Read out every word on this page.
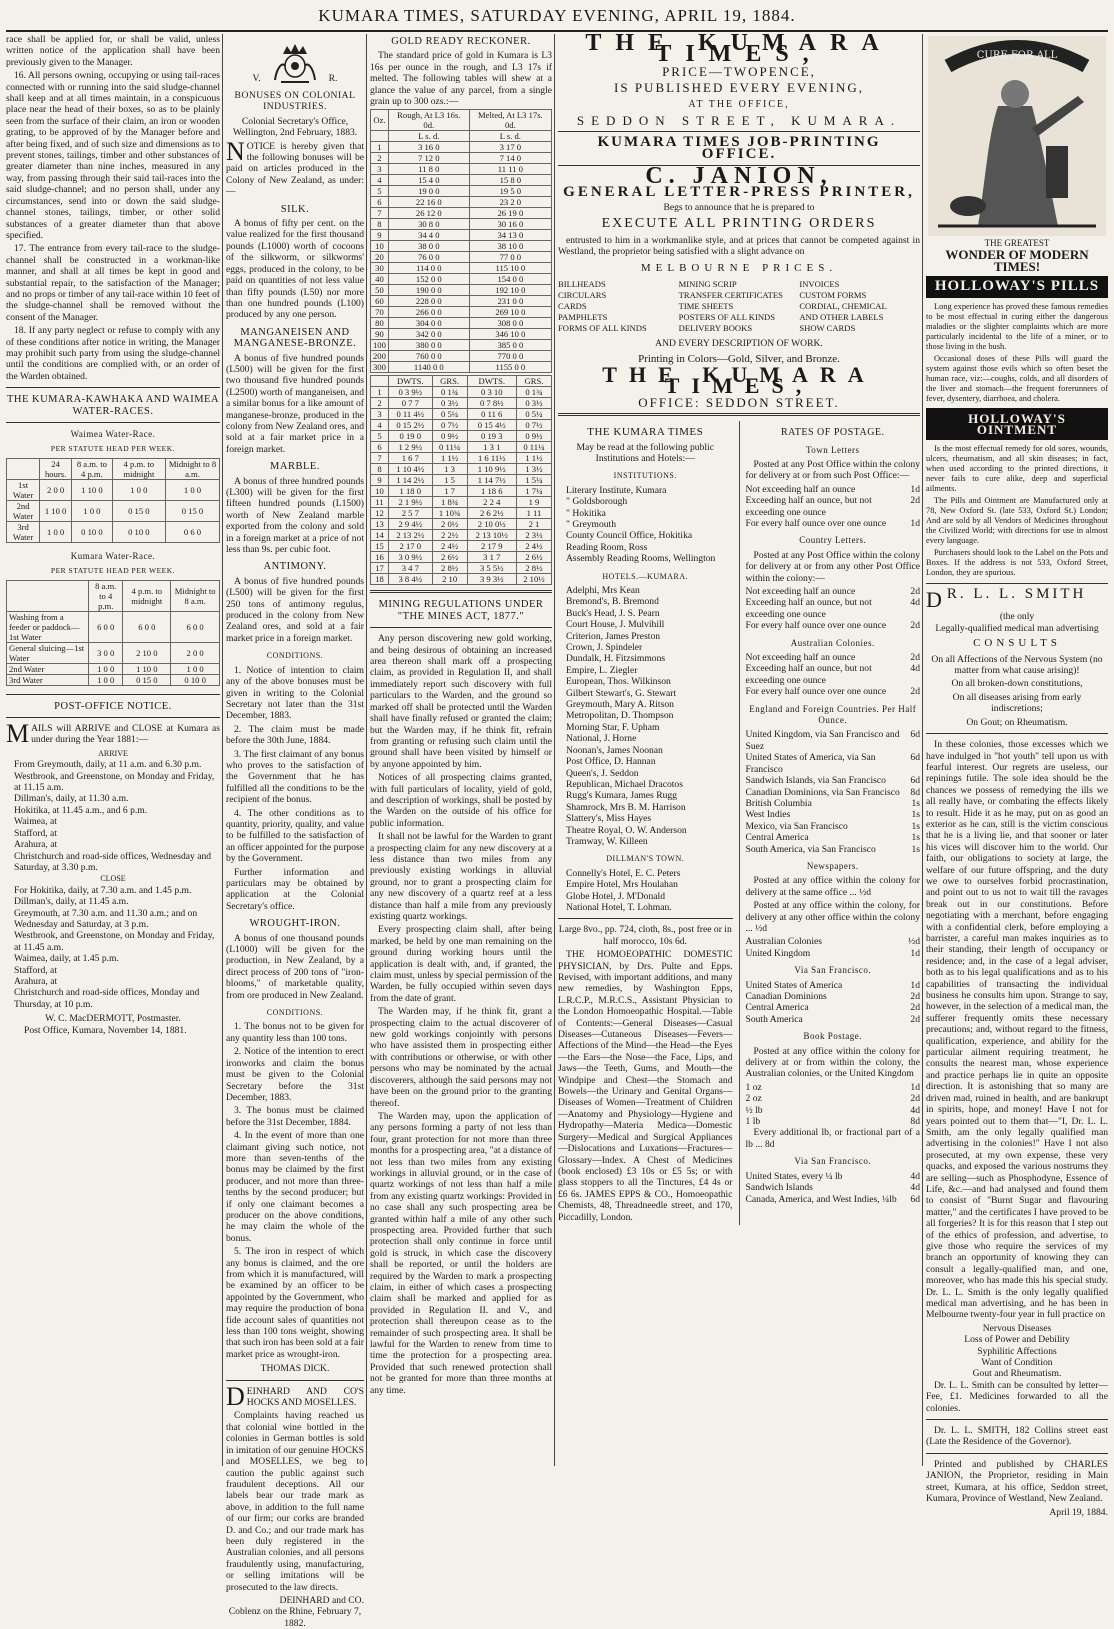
KUMARA TIMES, SATURDAY EVENING, APRIL 19, 1884.

race shall be applied for, or shall be valid, unless written notice of the application shall have been previously given to the Manager.

16. All persons owning, occupying or using tail-races connected with or running into the said sludge-channel shall keep and at all times maintain, in a conspicuous place near the head of their boxes, so as to be plainly seen from the surface of their claim, an iron or wooden grating, to be approved of by the Manager before and after being fixed, and of such size and dimensions as to prevent stones, tailings, timber and other substances of greater diameter than nine inches, measured in any way, from passing through their said tail-races into the said sludge-channel; and no person shall, under any circumstances, send into or down the said sludge-channel stones, tailings, timber, or other solid substances of a greater diameter than that above specified.

17. The entrance from every tail-race to the sludge-channel shall be constructed in a workman-like manner, and shall at all times be kept in good and substantial repair, to the satisfaction of the Manager; and no props or timber of any tail-race within 10 feet of the sludge-channel shall be removed without the consent of the Manager.

18. If any party neglect or refuse to comply with any of these conditions after notice in writing, the Manager may prohibit such party from using the sludge-channel until the conditions are complied with, or an order of the Warden obtained.

THE KUMARA-KAWHAKA AND WAIMEA WATER-RACES.
Waimea Water-Race.
PER STATUTE HEAD PER WEEK.
	24 hours.	8 a.m. to 4 p.m.	4 p.m. to midnight	Midnight to 8 a.m.
1st Water	2 0 0	1 10 0	1 0 0	1 0 0
2nd Water	1 10 0	1 0 0	0 15 0	0 15 0
3rd Water	1 0 0	0 10 0	0 10 0	0 6 0
Kumara Water-Race.
PER STATUTE HEAD PER WEEK.
	8 a.m. to 4 p.m.	4 p.m. to midnight	Midnight to 8 a.m.
Washing from a feeder or paddock—1st Water	6 0 0	6 0 0	6 0 0
General sluicing—1st Water	3 0 0	2 10 0	2 0 0
2nd Water	1 0 0	1 10 0	1 0 0
3rd Water	1 0 0	0 15 0	0 10 0
POST-OFFICE NOTICE.

MAILS will ARRIVE and CLOSE at Kumara as under during the Year 1881:—

ARRIVE
From Greymouth, daily, at 11 a.m. and 6.30 p.m.
Westbrook, and Greenstone, on Monday and Friday, at 11.15 a.m.
Dillman's, daily, at 11.30 a.m.
Hokitika, at 11.45 a.m., and 6 p.m.
Waimea, at
Stafford, at
Arahura, at
Christchurch and road-side offices, Wednesday and Saturday, at 3.30 p.m.
CLOSE
For Hokitika, daily, at 7.30 a.m. and 1.45 p.m.
Dillman's, daily, at 11.45 a.m.
Greymouth, at 7.30 a.m. and 11.30 a.m.; and on Wednesday and Saturday, at 3 p.m.
Westbrook, and Greenstone, on Monday and Friday, at 11.45 a.m.
Waimea, daily, at 1.45 p.m.
Stafford, at
Arahura, at
Christchurch and road-side offices, Monday and Thursday, at 10 p.m.
W. C. MacDERMOTT, Postmaster.
Post Office, Kumara, November 14, 1881.
V.	R.
BONUSES ON COLONIAL INDUSTRIES.

Colonial Secretary's Office, Wellington, 2nd February, 1883.

NOTICE is hereby given that the following bonuses will be paid on articles produced in the Colony of New Zealand, as under:—

SILK.

A bonus of fifty per cent. on the value realized for the first thousand pounds (L1000) worth of cocoons of the silkworm, or silkworms' eggs, produced in the colony, to be paid on quantities of not less value than fifty pounds (L50) nor more than one hundred pounds (L100) produced by any one person.

MANGANEISEN AND MANGANESE-BRONZE.

A bonus of five hundred pounds (L500) will be given for the first two thousand five hundred pounds (L2500) worth of manganeisen, and a similar bonus for a like amount of manganese-bronze, produced in the colony from New Zealand ores, and sold at a fair market price in a foreign market.

MARBLE.

A bonus of three hundred pounds (L300) will be given for the first fifteen hundred pounds (L1500) worth of New Zealand marble exported from the colony and sold in a foreign market at a price of not less than 9s. per cubic foot.

ANTIMONY.

A bonus of five hundred pounds (L500) will be given for the first 250 tons of antimony regulus, produced in the colony from New Zealand ores, and sold at a fair market price in a foreign market.

CONDITIONS.

1. Notice of intention to claim any of the above bonuses must be given in writing to the Colonial Secretary not later than the 31st December, 1883.

2. The claim must be made before the 30th June, 1884.

3. The first claimant of any bonus who proves to the satisfaction of the Government that he has fulfilled all the conditions to be the recipient of the bonus.

4. The other conditions as to quantity, priority, quality, and value to be fulfilled to the satisfaction of an officer appointed for the purpose by the Government.

Further information and particulars may be obtained by application at the Colonial Secretary's office.

WROUGHT-IRON.

A bonus of one thousand pounds (L1000) will be given for the production, in New Zealand, by a direct process of 200 tons of "iron-blooms," of marketable quality, from ore produced in New Zealand.

CONDITIONS.

1. The bonus not to be given for any quantity less than 100 tons.

2. Notice of the intention to erect ironworks and claim the bonus must be given to the Colonial Secretary before the 31st December, 1883.

3. The bonus must be claimed before the 31st December, 1884.

4. In the event of more than one claimant giving such notice, not more than seven-tenths of the bonus may be claimed by the first producer, and not more than three-tenths by the second producer; but if only one claimant becomes a producer on the above conditions, he may claim the whole of the bonus.

5. The iron in respect of which any bonus is claimed, and the ore from which it is manufactured, will be examined by an officer to be appointed by the Government, who may require the production of bona fide account sales of quantities not less than 100 tons weight, showing that such iron has been sold at a fair market price as wrought-iron.

THOMAS DICK.

DEINHARD AND CO'S HOCKS AND MOSELLES.

Complaints having reached us that colonial wine bottled in the colonies in German bottles is sold in imitation of our genuine HOCKS and MOSELLES, we beg to caution the public against such fraudulent deceptions. All our labels bear our trade mark as above, in addition to the full name of our firm; our corks are branded D. and Co.; and our trade mark has been duly registered in the Australian colonies, and all persons fraudulently using, manufacturing, or selling imitations will be prosecuted to the law directs.

DEINHARD and CO.
Coblenz on the Rhine, February 7, 1882.
GOLD READY RECKONER.

The standard price of gold in Kumara is L3 16s per ounce in the rough, and L3 17s if melted. The following tables will shew at a glance the value of any parcel, from a single grain up to 300 ozs.:—

Oz.	Rough, At L3 16s. 0d.	Melted, At L3 17s. 0d.
	L s. d.	L s. d.
1	3 16 0	3 17 0
2	7 12 0	7 14 0
3	11 8 0	11 11 0
4	15 4 0	15 8 0
5	19 0 0	19 5 0
6	22 16 0	23 2 0
7	26 12 0	26 19 0
8	30 8 0	30 16 0
9	34 4 0	34 13 0
10	38 0 0	38 10 0
20	76 0 0	77 0 0
30	114 0 0	115 10 0
40	152 0 0	154 0 0
50	190 0 0	192 10 0
60	228 0 0	231 0 0
70	266 0 0	269 10 0
80	304 0 0	308 0 0
90	342 0 0	346 10 0
100	380 0 0	385 0 0
200	760 0 0	770 0 0
300	1140 0 0	1155 0 0
	DWTS.	GRS.	DWTS.	GRS.
1	0 3 9½	0 1¾	0 3 10	0 1¾
2	0 7 7	0 3½	0 7 8½	0 3½
3	0 11 4½	0 5¼	0 11 6	0 5¼
4	0 15 2½	0 7½	0 15 4½	0 7½
5	0 19 0	0 9½	0 19 3	0 9½
6	1 2 9½	0 11¼	1 3 1	0 11¼
7	1 6 7	1 1½	1 6 11½	1 1½
8	1 10 4½	1 3	1 10 9½	1 3½
9	1 14 2½	1 5	1 14 7½	1 5¼
10	1 18 0	1 7	1 18 6	1 7¼
11	2 1 9½	1 8¾	2 2 4	1 9
12	2 5 7	1 10¾	2 6 2½	1 11
13	2 9 4½	2 0½	2 10 0½	2 1
14	2 13 2½	2 2½	2 13 10½	2 3½
15	2 17 0	2 4½	2 17 9	2 4½
16	3 0 9½	2 6½	3 1 7	2 6½
17	3 4 7	2 8½	3 5 5½	2 8½
18	3 8 4½	2 10	3 9 3½	2 10½
MINING REGULATIONS UNDER "THE MINES ACT, 1877."

Any person discovering new gold working, and being desirous of obtaining an increased area thereon shall mark off a prospecting claim, as provided in Regulation II, and shall immediately report such discovery with full particulars to the Warden, and the ground so marked off shall be protected until the Warden shall have finally refused or granted the claim; but the Warden may, if he think fit, refrain from granting or refusing such claim until the ground shall have been visited by himself or by anyone appointed by him.

Notices of all prospecting claims granted, with full particulars of locality, yield of gold, and description of workings, shall be posted by the Warden on the outside of his office for public information.

It shall not be lawful for the Warden to grant a prospecting claim for any new discovery at a less distance than two miles from any previously existing workings in alluvial ground, nor to grant a prospecting claim for any new discovery of a quartz reef at a less distance than half a mile from any previously existing quartz workings.

Every prospecting claim shall, after being marked, be held by one man remaining on the ground during working hours until the application is dealt with, and, if granted, the claim must, unless by special permission of the Warden, be fully occupied within seven days from the date of grant.

The Warden may, if he think fit, grant a prospecting claim to the actual discoverer of new gold workings conjointly with persons who have assisted them in prospecting either with contributions or otherwise, or with other persons who may be nominated by the actual discoverers, although the said persons may not have been on the ground prior to the granting thereof.

The Warden may, upon the application of any persons forming a party of not less than four, grant protection for not more than three months for a prospecting area, "at a distance of not less than two miles from any existing workings in alluvial ground, or in the case of quartz workings of not less than half a mile from any existing quartz workings: Provided in no case shall any such prospecting area be granted within half a mile of any other such prospecting area. Provided further that such protection shall only continue in force until gold is struck, in which case the discovery shall be reported, or until the holders are required by the Warden to mark a prospecting claim, in either of which cases a prospecting claim shall be marked and applied for as provided in Regulation II. and V., and protection shall thereupon cease as to the remainder of such prospecting area. It shall be lawful for the Warden to renew from time to time the protection for a prospecting area. Provided that such renewed protection shall not be granted for more than three months at any time.

THE KUMARA TIMES,
PRICE—TWOPENCE,
IS PUBLISHED EVERY EVENING,
AT THE OFFICE,
SEDDON STREET, KUMARA.
KUMARA TIMES JOB-PRINTING OFFICE.
C. JANION,
GENERAL LETTER-PRESS PRINTER,
Begs to announce that he is prepared to
EXECUTE ALL PRINTING ORDERS

entrusted to him in a workmanlike style, and at prices that cannot be competed against in Westland, the proprietor being satisfied with a slight advance on

MELBOURNE PRICES.
BILLHEADS	MINING SCRIP	INVOICES
CIRCULARS	TRANSFER CERTIFICATES	CUSTOM FORMS
CARDS	TIME SHEETS	CORDIAL, CHEMICAL
PAMPHLETS	POSTERS OF ALL KINDS	AND OTHER LABELS
FORMS OF ALL KINDS	DELIVERY BOOKS	SHOW CARDS
AND EVERY DESCRIPTION OF WORK.
Printing in Colors—Gold, Silver, and Bronze.
THE KUMARA TIMES,
OFFICE: SEDDON STREET.
THE KUMARA TIMES

May be read at the following public Institutions and Hotels:—

INSTITUTIONS.
Literary Institute, Kumara
" Goldsborough
" Hokitika
" Greymouth
County Council Office, Hokitika
Reading Room, Ross
Assembly Reading Rooms, Wellington
HOTELS.—KUMARA.
Adelphi, Mrs Kean
Bremond's, B. Bremond
Buck's Head, J. S. Pearn
Court House, J. Mulvihill
Criterion, James Preston
Crown, J. Spindeler
Dundalk, H. Fitzsimmons
Empire, L. Ziegler
European, Thos. Wilkinson
Gilbert Stewart's, G. Stewart
Greymouth, Mary A. Ritson
Metropolitan, D. Thompson
Morning Star, F. Upham
National, J. Horne
Noonan's, James Noonan
Post Office, D. Hannan
Queen's, J. Seddon
Republican, Michael Dracotos
Rugg's Kumara, James Rugg
Shamrock, Mrs B. M. Harrison
Slattery's, Miss Hayes
Theatre Royal, O. W. Anderson
Tramway, W. Killeen
DILLMAN'S TOWN.
Connelly's Hotel, E. C. Peters
Empire Hotel, Mrs Houlahan
Globe Hotel, J. M'Donald
National Hotel, T. Lohman.

Large 8vo., pp. 724, cloth, 8s., post free or in half morocco, 10s 6d.

THE HOMOEOPATHIC DOMESTIC PHYSICIAN, by Drs. Pulte and Epps. Revised, with important additions, and many new remedies, by Washington Epps, L.R.C.P., M.R.C.S., Assistant Physician to the London Homoeopathic Hospital.—Table of Contents:—General Diseases—Casual Diseases—Cutaneous Diseases—Fevers—Affections of the Mind—the Head—the Eyes—the Ears—the Nose—the Face, Lips, and Jaws—the Teeth, Gums, and Mouth—the Windpipe and Chest—the Stomach and Bowels—the Urinary and Genital Organs—Diseases of Women—Treatment of Children—Anatomy and Physiology—Hygiene and Hydropathy—Materia Medica—Domestic Surgery—Medical and Surgical Appliances—Dislocations and Luxations—Fractures—Glossary—Index. A Chest of Medicines (book enclosed) £3 10s or £5 5s; or with glass stoppers to all the Tinctures, £4 4s or £6 6s. JAMES EPPS & CO., Homoeopathic Chemists, 48, Threadneedle street, and 170, Piccadilly, London.

RATES OF POSTAGE.
Town Letters

Posted at any Post Office within the colony for delivery at or from such Post Office:—

Not exceeding half an ounce	1d
Exceeding half an ounce, but not exceeding one ounce
2d
For every half ounce over one ounce	1d
Country Letters.

Posted at any Post Office within the colony for delivery at or from any other Post Office within the colony:—

Not exceeding half an ounce	2d
Exceeding half an ounce, but not exceeding one ounce
4d
For every half ounce over one ounce	2d
Australian Colonies.
Not exceeding half an ounce	2d
Exceeding half an ounce, but not exceeding one ounce
4d
For every half ounce over one ounce	2d
England and Foreign Countries. Per Half Ounce.
United Kingdom, via San Francisco and Suez
6d
United States of America, via San Francisco
6d
Sandwich Islands, via San Francisco	6d
Canadian Dominions, via San Francisco 8d
British Columbia	1s
West Indies	1s
Mexico, via San Francisco	1s
Central America	1s
South America, via San Francisco	1s
Newspapers.

Posted at any office within the colony for delivery at the same office ... ½d

Posted at any office within the colony, for delivery at any other office within the colony ... ½d

Australian Colonies	½d
United Kingdom	1d
Via San Francisco.
United States of America	1d
Canadian Dominions	2d
Central America	2d
South America	2d
Book Postage.

Posted at any office within the colony for delivery at or from within the colony, the Australian colonies, or the United Kingdom

1 oz	1d
2 oz	2d
½ lb	4d
1 lb	8d

Every additional lb, or fractional part of a lb ... 8d

Via San Francisco.
United States, every ¼ lb	4d
Sandwich Islands	4d
Canada, America, and West Indies, ¼lb 6d
CURE FOR ALL
THE GREATEST
WONDER OF MODERN TIMES!
HOLLOWAY'S PILLS

Long experience has proved these famous remedies to be most effectual in curing either the dangerous maladies or the slighter complaints which are more particularly incidental to the life of a miner, or to those living in the bush.

Occasional doses of these Pills will guard the system against those evils which so often beset the human race, viz:—coughs, colds, and all disorders of the liver and stomach—the frequent forerunners of fever, dysentery, diarrhoea, and cholera.

HOLLOWAY'S OINTMENT

Is the most effectual remedy for old sores, wounds, ulcers, rheumatism, and all skin diseases; in fact, when used according to the printed directions, it never fails to cure alike, deep and superficial ailments.

The Pills and Ointment are Manufactured only at 78, New Oxford St. (late 533, Oxford St.) London; And are sold by all Vendors of Medicines throughout the Civilized World; with directions for use in almost every language.

Purchasers should look to the Label on the Pots and Boxes. If the address is not 533, Oxford Street, London, they are spurious.

D R. L. L. SMITH
(the only
Legally-qualified medical man advertising
CONSULTS

On all Affections of the Nervous System (no matter from what cause arising)!

On all broken-down constitutions,

On all diseases arising from early indiscretions;

On Gout; on Rheumatism.

In these colonies, those excesses which we have indulged in "hot youth" tell upon us with fearful interest. Our regrets are useless, our repinings futile. The sole idea should be the chances we possess of remedying the ills we all really have, or combating the effects likely to result. Hide it as he may, put on as good an exterior as he can, still is the victim conscious that he is a living lie, and that sooner or later his vices will discover him to the world. Our faith, our obligations to society at large, the welfare of our future offspring, and the duty we owe to ourselves forbid procrastination, and point out to us not to wait till the ravages break out in our constitutions. Before negotiating with a merchant, before engaging with a confidential clerk, before employing a barrister, a careful man makes inquiries as to their standing, their length of occupancy or residence; and, in the case of a legal adviser, both as to his legal qualifications and as to his capabilities of transacting the individual business he consults him upon. Strange to say, however, in the selection of a medical man, the sufferer frequently omits these necessary precautions; and, without regard to the fitness, qualification, experience, and ability for the particular ailment requiring treatment, he consults the nearest man, whose experience and practice perhaps lie in quite an opposite direction. It is astonishing that so many are driven mad, ruined in health, and are bankrupt in spirits, hope, and money! Have I not for years pointed out to them that—"I, Dr. L. L. Smith, am the only legally qualified man advertising in the colonies!" Have I not also prosecuted, at my own expense, these very quacks, and exposed the various nostrums they are selling—such as Phosphodyne, Essence of Life, &c.—and had analysed and found them to consist of "Burnt Sugar and flavouring matter," and the certificates I have proved to be all forgeries? It is for this reason that I step out of the ethics of profession, and advertise, to give those who require the services of my branch an opportunity of knowing they can consult a legally-qualified man, and one, moreover, who has made this his special study. Dr. L. L. Smith is the only legally qualified medical man advertising, and he has been in Melbourne twenty-four year in full practice on

Nervous Diseases
Loss of Power and Debility
Syphilitic Affections
Want of Condition
Gout and Rheumatism.

Dr. L. L. Smith can be consulted by letter—Fee, £1. Medicines forwarded to all the colonies.

Dr. L. L. SMITH, 182 Collins street east (Late the Residence of the Governor).

Printed and published by CHARLES JANION, the Proprietor, residing in Main street, Kumara, at his office, Seddon street, Kumara, Province of Westland, New Zealand.

April 19, 1884.
